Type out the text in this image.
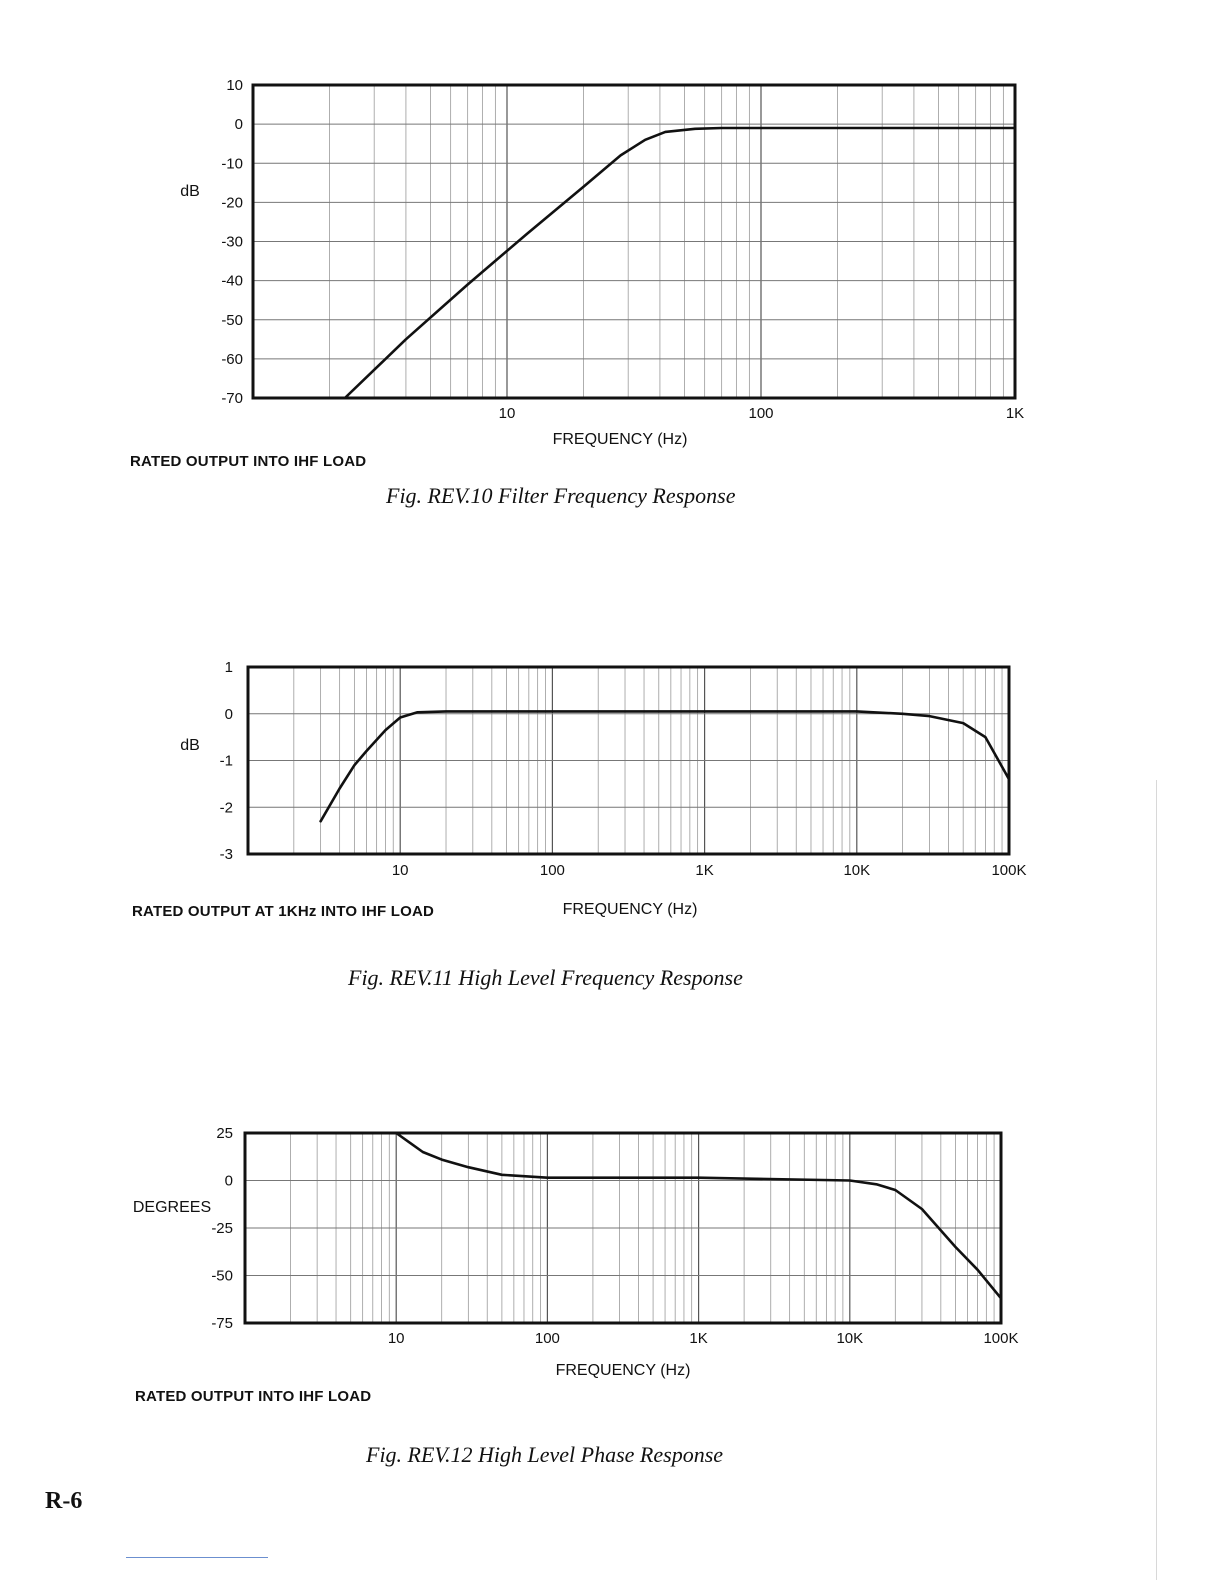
10
0
-10
-20
-30
-40
-50
-60
-70
10	100	1K
dB
FREQUENCY (Hz)
RATED OUTPUT INTO IHF LOAD
Fig. REV.10 Filter Frequency Response
1
0
-1
-2
-3
10	100	1K	10K	100K
dB
FREQUENCY (Hz)
RATED OUTPUT AT 1KHz INTO IHF LOAD
Fig. REV.11 High Level Frequency Response
25
0
-25
-50
-75
10	100	1K	10K	100K
DEGREES
FREQUENCY (Hz)
RATED OUTPUT INTO IHF LOAD
Fig. REV.12 High Level Phase Response
R-6
